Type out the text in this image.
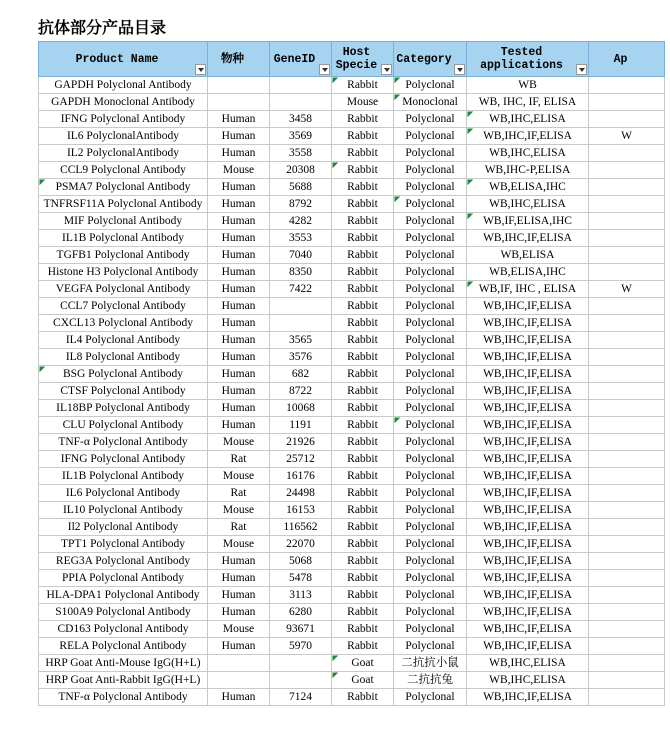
抗体部分产品目录
Product Name	物种	GeneID	Host Specie	Category	Tested applications	Ap
GAPDH Polyclonal Antibody			Rabbit	Polyclonal	WB	
GAPDH Monoclonal Antibody			Mouse	Monoclonal	WB, IHC, IF, ELISA	
IFNG Polyclonal Antibody	Human	3458	Rabbit	Polyclonal	WB,IHC,ELISA	
IL6 PolyclonalAntibody	Human	3569	Rabbit	Polyclonal	WB,IHC,IF,ELISA	W
IL2 PolyclonalAntibody	Human	3558	Rabbit	Polyclonal	WB,IHC,ELISA	
CCL9 Polyclonal Antibody	Mouse	20308	Rabbit	Polyclonal	WB,IHC-P,ELISA	
PSMA7 Polyclonal Antibody	Human	5688	Rabbit	Polyclonal	WB,ELISA,IHC	
TNFRSF11A Polyclonal Antibody	Human	8792	Rabbit	Polyclonal	WB,IHC,ELISA	
MIF Polyclonal Antibody	Human	4282	Rabbit	Polyclonal	WB,IF,ELISA,IHC	
IL1B Polyclonal Antibody	Human	3553	Rabbit	Polyclonal	WB,IHC,IF,ELISA	
TGFB1 Polyclonal Antibody	Human	7040	Rabbit	Polyclonal	WB,ELISA	
Histone H3 Polyclonal Antibody	Human	8350	Rabbit	Polyclonal	WB,ELISA,IHC	
VEGFA Polyclonal Antibody	Human	7422	Rabbit	Polyclonal	WB,IF, IHC , ELISA	W
CCL7 Polyclonal Antibody	Human		Rabbit	Polyclonal	WB,IHC,IF,ELISA	
CXCL13 Polyclonal Antibody	Human		Rabbit	Polyclonal	WB,IHC,IF,ELISA	
IL4 Polyclonal Antibody	Human	3565	Rabbit	Polyclonal	WB,IHC,IF,ELISA	
IL8 Polyclonal Antibody	Human	3576	Rabbit	Polyclonal	WB,IHC,IF,ELISA	
BSG Polyclonal Antibody	Human	682	Rabbit	Polyclonal	WB,IHC,IF,ELISA	
CTSF Polyclonal Antibody	Human	8722	Rabbit	Polyclonal	WB,IHC,IF,ELISA	
IL18BP Polyclonal Antibody	Human	10068	Rabbit	Polyclonal	WB,IHC,IF,ELISA	
CLU Polyclonal Antibody	Human	1191	Rabbit	Polyclonal	WB,IHC,IF,ELISA	
TNF-α Polyclonal Antibody	Mouse	21926	Rabbit	Polyclonal	WB,IHC,IF,ELISA	
IFNG Polyclonal Antibody	Rat	25712	Rabbit	Polyclonal	WB,IHC,IF,ELISA	
IL1B Polyclonal Antibody	Mouse	16176	Rabbit	Polyclonal	WB,IHC,IF,ELISA	
IL6 Polyclonal Antibody	Rat	24498	Rabbit	Polyclonal	WB,IHC,IF,ELISA	
IL10 Polyclonal Antibody	Mouse	16153	Rabbit	Polyclonal	WB,IHC,IF,ELISA	
Il2 Polyclonal Antibody	Rat	116562	Rabbit	Polyclonal	WB,IHC,IF,ELISA	
TPT1 Polyclonal Antibody	Mouse	22070	Rabbit	Polyclonal	WB,IHC,IF,ELISA	
REG3A Polyclonal Antibody	Human	5068	Rabbit	Polyclonal	WB,IHC,IF,ELISA	
PPIA Polyclonal Antibody	Human	5478	Rabbit	Polyclonal	WB,IHC,IF,ELISA	
HLA-DPA1 Polyclonal Antibody	Human	3113	Rabbit	Polyclonal	WB,IHC,IF,ELISA	
S100A9 Polyclonal Antibody	Human	6280	Rabbit	Polyclonal	WB,IHC,IF,ELISA	
CD163 Polyclonal Antibody	Mouse	93671	Rabbit	Polyclonal	WB,IHC,IF,ELISA	
RELA Polyclonal Antibody	Human	5970	Rabbit	Polyclonal	WB,IHC,IF,ELISA	
HRP Goat Anti-Mouse IgG(H+L)			Goat	二抗抗小鼠	WB,IHC,ELISA	
HRP Goat Anti-Rabbit IgG(H+L)			Goat	二抗抗兔	WB,IHC,ELISA	
TNF-α Polyclonal Antibody	Human	7124	Rabbit	Polyclonal	WB,IHC,IF,ELISA	
